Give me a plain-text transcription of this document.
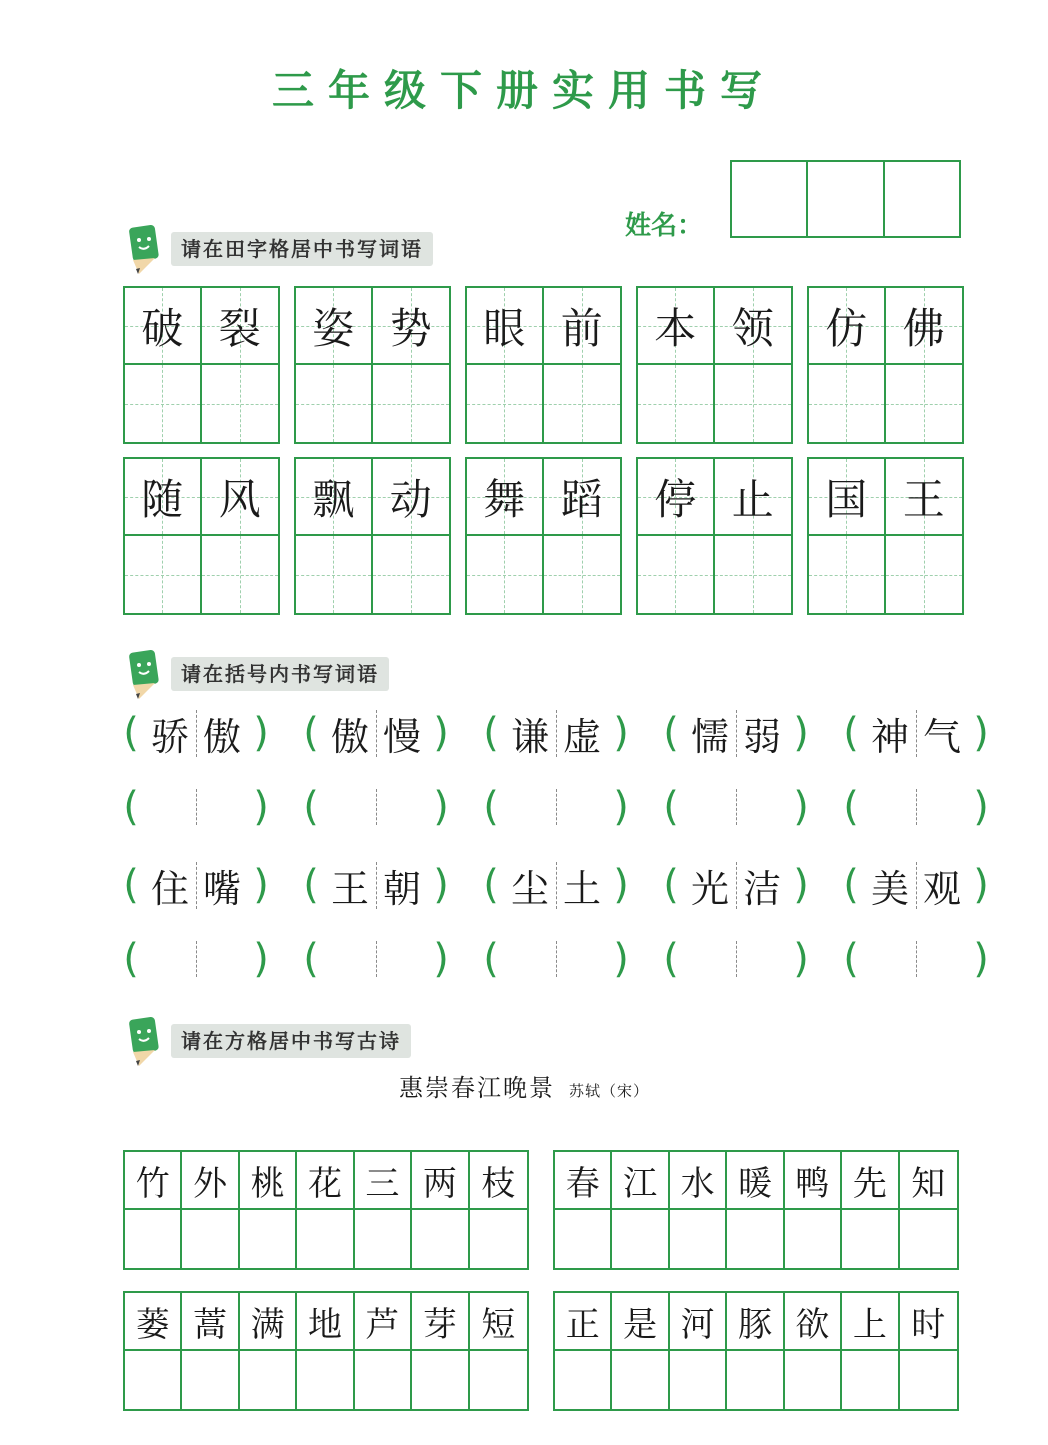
三年级下册实用书写
姓名：
请在田字格居中书写词语
破 裂 姿 势 眼 前 本 领 仿 佛
随 风 飘 动 舞 蹈 停 止 国 王
请在括号内书写词语
( 骄 傲 ) ( 傲 慢 ) ( 谦 虚 ) ( 懦 弱 ) ( 神 气 )
(	) (	) (	) (	) (	)
( 住 嘴 ) ( 王 朝 ) ( 尘 土 ) ( 光 洁 ) ( 美 观 )
(	) (	) (	) (	) (	)
请在方格居中书写古诗
惠崇春江晚景 苏轼（宋）
竹 外 桃 花 三 两 枝	春 江 水 暖 鸭 先 知
蒌 蒿 满 地 芦 芽 短	正 是 河 豚 欲 上 时
